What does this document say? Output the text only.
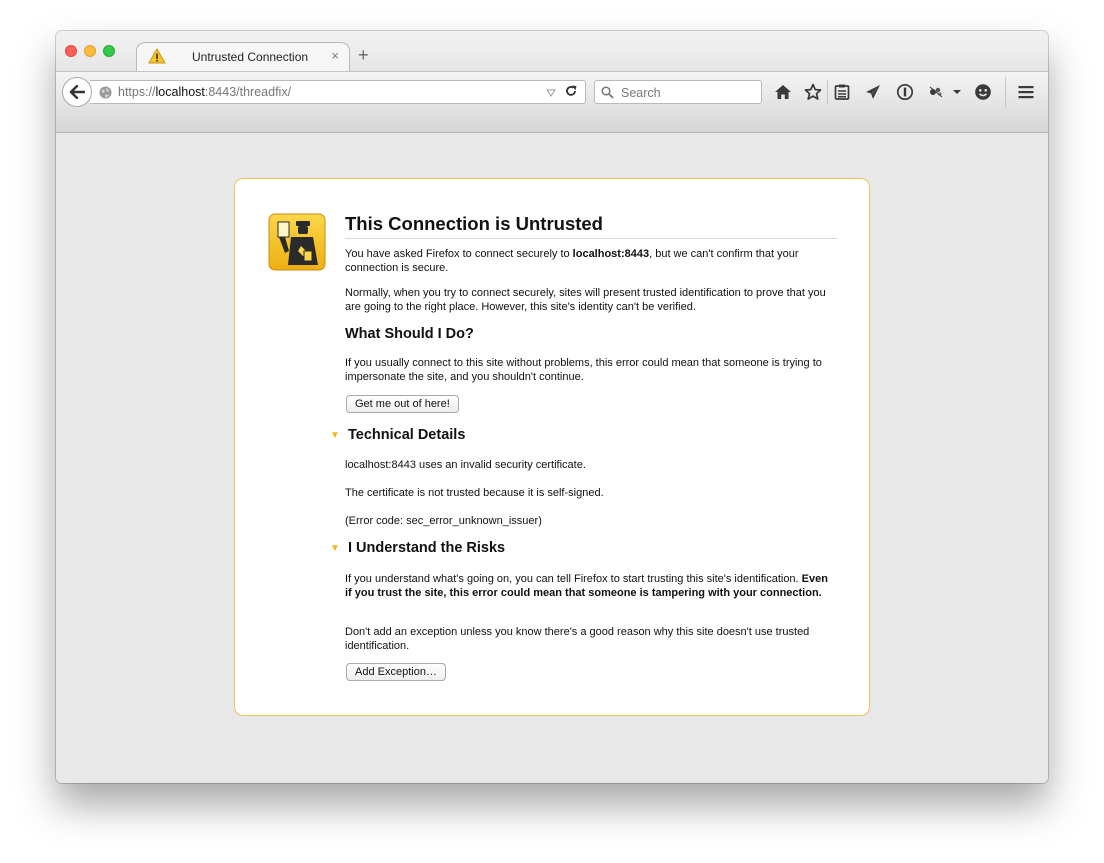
Untrusted Connection × +
https://localhost:8443/threadfix/
Search
This Connection is Untrusted

You have asked Firefox to connect securely to localhost:8443, but we can't confirm that your connection is secure.

Normally, when you try to connect securely, sites will present trusted identification to prove that you are going to the right place. However, this site's identity can't be verified.

What Should I Do?

If you usually connect to this site without problems, this error could mean that someone is trying to impersonate the site, and you shouldn't continue.

Get me out of here!
▼ Technical Details

localhost:8443 uses an invalid security certificate.

The certificate is not trusted because it is self-signed.

(Error code: sec_error_unknown_issuer)

▼ I Understand the Risks

If you understand what's going on, you can tell Firefox to start trusting this site's identification. Even if you trust the site, this error could mean that someone is tampering with your connection.

Don't add an exception unless you know there's a good reason why this site doesn't use trusted identification.

Add Exception…
